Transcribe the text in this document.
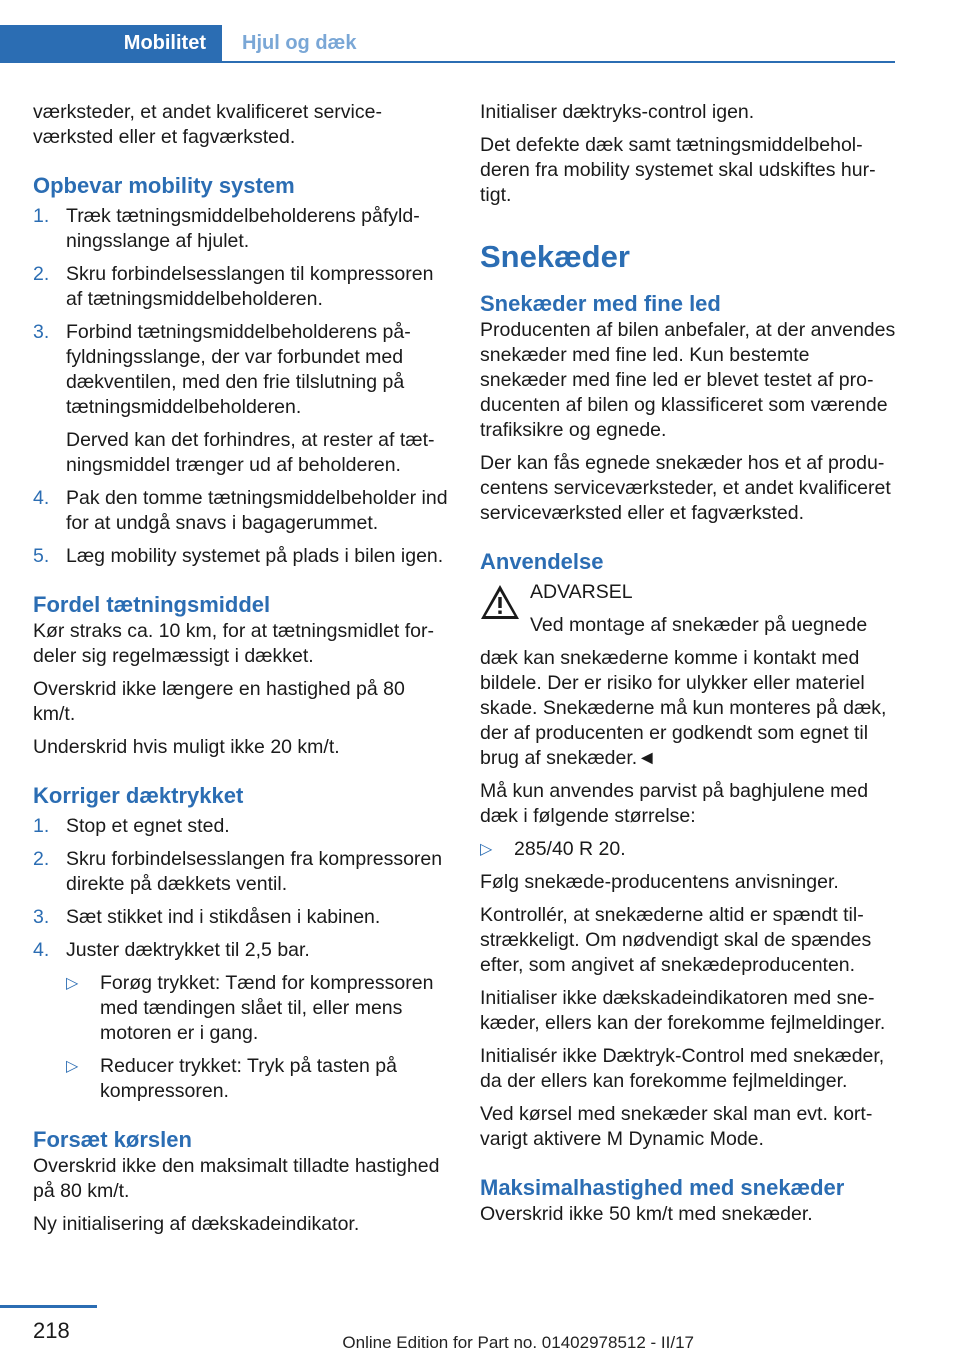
Mobilitet	Hjul og dæk

værksteder, et andet kvalificeret serviceværksted eller et fagværksted.

Opbevar mobility system
1. Træk tætningsmiddelbeholderens påfyldningsslange af hjulet.
2. Skru forbindelsesslangen til kompressoren af tætningsmiddelbeholderen.
3. Forbind tætningsmiddelbeholderens påfyldningsslange, der var forbundet med dækventilen, med den frie tilslutning på tætningsmiddelbeholderen.
Derved kan det forhindres, at rester af tætningsmiddel trænger ud af beholderen.
4. Pak den tomme tætningsmiddelbeholder ind for at undgå snavs i bagagerummet.
5. Læg mobility systemet på plads i bilen igen.
Fordel tætningsmiddel

Kør straks ca. 10 km, for at tætningsmidlet fordeler sig regelmæssigt i dækket.

Overskrid ikke længere en hastighed på 80 km/t.

Underskrid hvis muligt ikke 20 km/t.

Korriger dæktrykket
1. Stop et egnet sted.
2. Skru forbindelsesslangen fra kompressoren direkte på dækkets ventil.
3. Sæt stikket ind i stikdåsen i kabinen.
4. Juster dæktrykket til 2,5 bar.
▷ Forøg trykket: Tænd for kompressoren med tændingen slået til, eller mens motoren er i gang.
▷ Reducer trykket: Tryk på tasten på kompressoren.
Forsæt kørslen

Overskrid ikke den maksimalt tilladte hastighed på 80 km/t.

Ny initialisering af dækskadeindikator.

Initialiser dæktryks-control igen.

Det defekte dæk samt tætningsmiddelbeholderen fra mobility systemet skal udskiftes hurtigt.

Snekæder
Snekæder med fine led

Producenten af bilen anbefaler, at der anvendes snekæder med fine led. Kun bestemte snekæder med fine led er blevet testet af producenten af bilen og klassificeret som værende trafiksikre og egnede.

Der kan fås egnede snekæder hos et af producentens serviceværksteder, et andet kvalificeret serviceværksted eller et fagværksted.

Anvendelse

ADVARSEL

Ved montage af snekæder på uegnede

dæk kan snekæderne komme i kontakt med bildele. Der er risiko for ulykker eller materiel skade. Snekæderne må kun monteres på dæk, der af producenten er godkendt som egnet til brug af snekæder.◄

Må kun anvendes parvist på baghjulene med dæk i følgende størrelse:

▷ 285/40 R 20.

Følg snekæde-producentens anvisninger.

Kontrollér, at snekæderne altid er spændt tilstrækkeligt. Om nødvendigt skal de spændes efter, som angivet af snekædeproducenten.

Initialiser ikke dækskadeindikatoren med snekæder, ellers kan der forekomme fejlmeldinger.

Initialisér ikke Dæktryk-Control med snekæder, da der ellers kan forekomme fejlmeldinger.

Ved kørsel med snekæder skal man evt. kortvarigt aktivere M Dynamic Mode.

Maksimalhastighed med snekæder

Overskrid ikke 50 km/t med snekæder.

218	Online Edition for Part no. 01402978512 - II/17
